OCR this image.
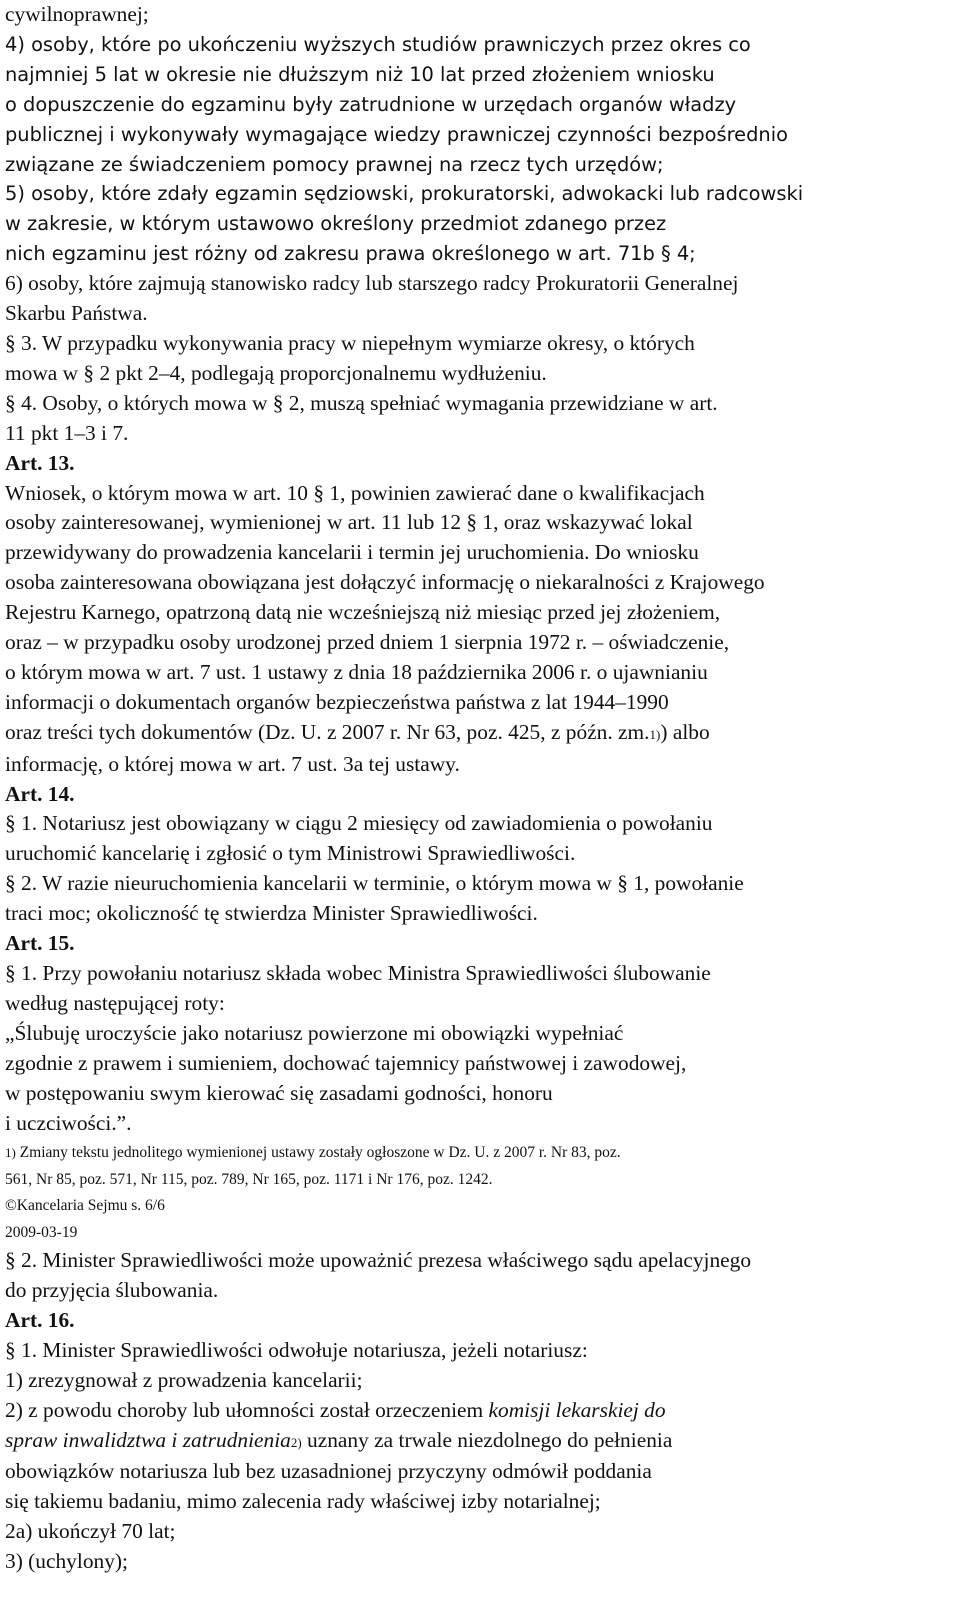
cywilnoprawnej;
4) osoby, które po ukończeniu wyższych studiów prawniczych przez okres co
najmniej 5 lat w okresie nie dłuższym niż 10 lat przed złożeniem wniosku
o dopuszczenie do egzaminu były zatrudnione w urzędach organów władzy
publicznej i wykonywały wymagające wiedzy prawniczej czynności bezpośrednio
związane ze świadczeniem pomocy prawnej na rzecz tych urzędów;
5) osoby, które zdały egzamin sędziowski, prokuratorski, adwokacki lub radcowski
w zakresie, w którym ustawowo określony przedmiot zdanego przez
nich egzaminu jest różny od zakresu prawa określonego w art. 71b § 4;
6) osoby, które zajmują stanowisko radcy lub starszego radcy Prokuratorii Generalnej
Skarbu Państwa.
§ 3. W przypadku wykonywania pracy w niepełnym wymiarze okresy, o których
mowa w § 2 pkt 2–4, podlegają proporcjonalnemu wydłużeniu.
§ 4. Osoby, o których mowa w § 2, muszą spełniać wymagania przewidziane w art.
11 pkt 1–3 i 7.
Art. 13.
Wniosek, o którym mowa w art. 10 § 1, powinien zawierać dane o kwalifikacjach
osoby zainteresowanej, wymienionej w art. 11 lub 12 § 1, oraz wskazywać lokal
przewidywany do prowadzenia kancelarii i termin jej uruchomienia. Do wniosku
osoba zainteresowana obowiązana jest dołączyć informację o niekaralności z Krajowego
Rejestru Karnego, opatrzoną datą nie wcześniejszą niż miesiąc przed jej złożeniem,
oraz – w przypadku osoby urodzonej przed dniem 1 sierpnia 1972 r. – oświadczenie,
o którym mowa w art. 7 ust. 1 ustawy z dnia 18 października 2006 r. o ujawnianiu
informacji o dokumentach organów bezpieczeństwa państwa z lat 1944–1990
oraz treści tych dokumentów (Dz. U. z 2007 r. Nr 63, poz. 425, z późn. zm.1)) albo
informację, o której mowa w art. 7 ust. 3a tej ustawy.
Art. 14.
§ 1. Notariusz jest obowiązany w ciągu 2 miesięcy od zawiadomienia o powołaniu
uruchomić kancelarię i zgłosić o tym Ministrowi Sprawiedliwości.
§ 2. W razie nieuruchomienia kancelarii w terminie, o którym mowa w § 1, powołanie
traci moc; okoliczność tę stwierdza Minister Sprawiedliwości.
Art. 15.
§ 1. Przy powołaniu notariusz składa wobec Ministra Sprawiedliwości ślubowanie
według następującej roty:
„Ślubuję uroczyście jako notariusz powierzone mi obowiązki wypełniać
zgodnie z prawem i sumieniem, dochować tajemnicy państwowej i zawodowej,
w postępowaniu swym kierować się zasadami godności, honoru
i uczciwości.”.
1) Zmiany tekstu jednolitego wymienionej ustawy zostały ogłoszone w Dz. U. z 2007 r. Nr 83, poz.
561, Nr 85, poz. 571, Nr 115, poz. 789, Nr 165, poz. 1171 i Nr 176, poz. 1242.
©Kancelaria Sejmu s. 6/6
2009-03-19
§ 2. Minister Sprawiedliwości może upoważnić prezesa właściwego sądu apelacyjnego
do przyjęcia ślubowania.
Art. 16.
§ 1. Minister Sprawiedliwości odwołuje notariusza, jeżeli notariusz:
1) zrezygnował z prowadzenia kancelarii;
2) z powodu choroby lub ułomności został orzeczeniem komisji lekarskiej do
spraw inwalidztwa i zatrudnienia2) uznany za trwale niezdolnego do pełnienia
obowiązków notariusza lub bez uzasadnionej przyczyny odmówił poddania
się takiemu badaniu, mimo zalecenia rady właściwej izby notarialnej;
2a) ukończył 70 lat;
3) (uchylony);
